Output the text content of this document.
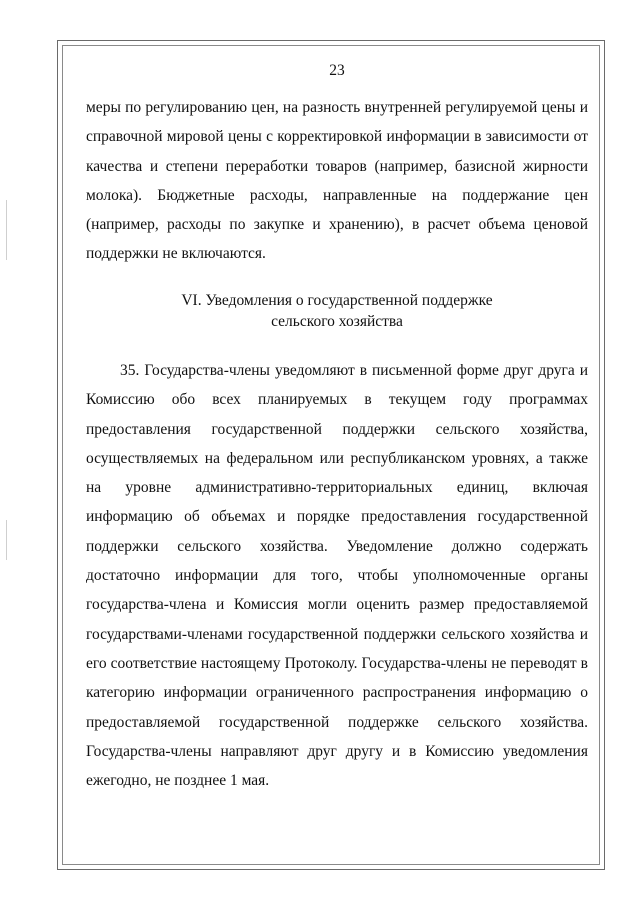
23

меры по регулированию цен, на разность внутренней регулируемой цены и справочной мировой цены с корректировкой информации в зависимости от качества и степени переработки товаров (например, базисной жирности молока). Бюджетные расходы, направленные на поддержание цен (например, расходы по закупке и хранению), в расчет объема ценовой поддержки не включаются.

VI. Уведомления о государственной поддержке
сельского хозяйства

35. Государства-члены уведомляют в письменной форме друг друга и Комиссию обо всех планируемых в текущем году программах предоставления государственной поддержки сельского хозяйства, осуществляемых на федеральном или республиканском уровнях, а также на уровне административно-территориальных единиц, включая информацию об объемах и порядке предоставления государственной поддержки сельского хозяйства. Уведомление должно содержать достаточно информации для того, чтобы уполномоченные органы государства-члена и Комиссия могли оценить размер предоставляемой государствами-членами государственной поддержки сельского хозяйства и его соответствие настоящему Протоколу. Государства-члены не переводят в категорию информации ограниченного распространения информацию о предоставляемой государственной поддержке сельского хозяйства. Государства-члены направляют друг другу и в Комиссию уведомления ежегодно, не позднее 1 мая.
